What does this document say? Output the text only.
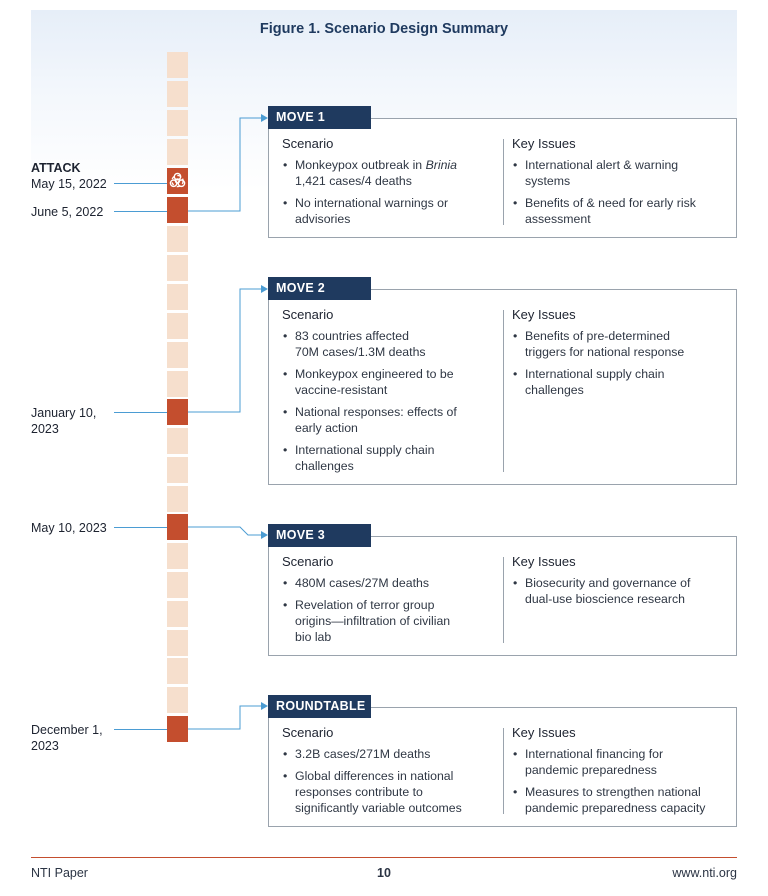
Figure 1. Scenario Design Summary
ATTACK
May 15, 2022
June 5, 2022
January 10,
2023
May 10, 2023
December 1,
2023
Scenario
• Monkeypox outbreak in Brinia
1,421 cases/4 deaths
• No international warnings or
advisories
Key Issues
• International alert & warning
systems
• Benefits of & need for early risk
assessment
MOVE 1
Scenario
• 83 countries affected
70M cases/1.3M deaths
• Monkeypox engineered to be
vaccine-resistant
• National responses: effects of
early action
• International supply chain
challenges
Key Issues
• Benefits of pre-determined
triggers for national response
• International supply chain
challenges
MOVE 2
Scenario
• 480M cases/27M deaths
• Revelation of terror group
origins—infiltration of civilian
bio lab
Key Issues
• Biosecurity and governance of
dual-use bioscience research
MOVE 3
Scenario
• 3.2B cases/271M deaths
• Global differences in national
responses contribute to
significantly variable outcomes
Key Issues
• International financing for
pandemic preparedness
• Measures to strengthen national
pandemic preparedness capacity
ROUNDTABLE
NTI Paper	10	www.nti.org
